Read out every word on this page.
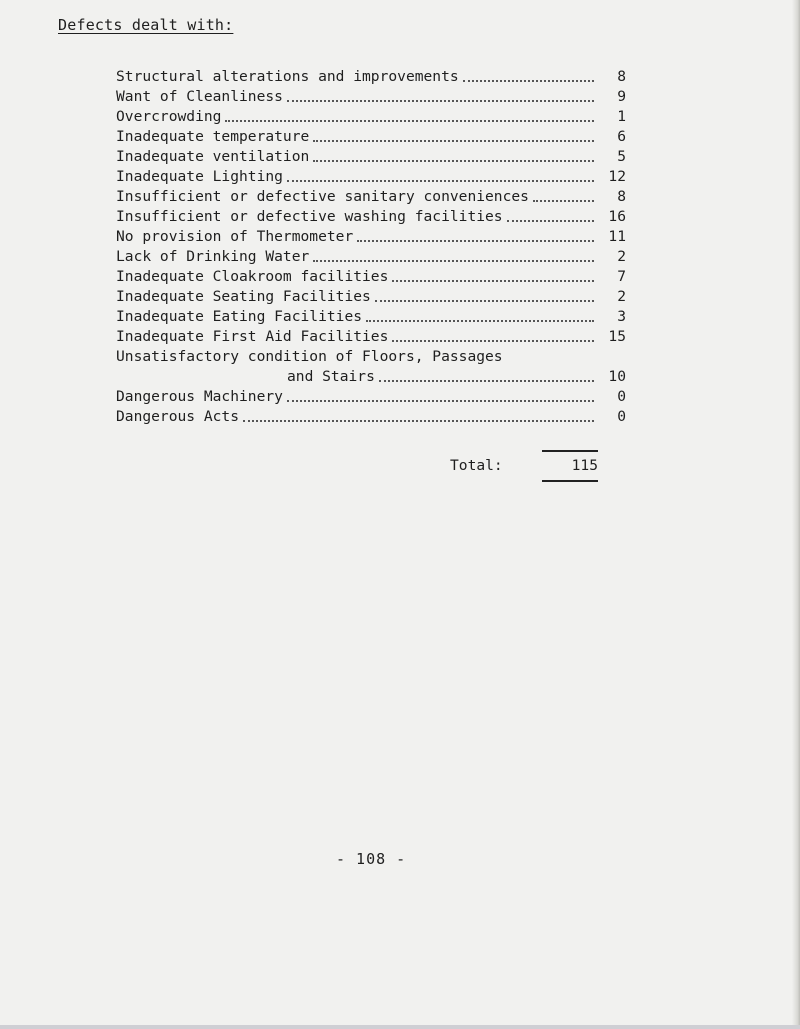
Defects dealt with:
Structural alterations and improvements	8
Want of Cleanliness	9
Overcrowding	1
Inadequate temperature	6
Inadequate ventilation	5
Inadequate Lighting	12
Insufficient or defective sanitary conveniences	8
Insufficient or defective washing facilities	16
No provision of Thermometer	11
Lack of Drinking Water	2
Inadequate Cloakroom facilities	7
Inadequate Seating Facilities	2
Inadequate Eating Facilities	3
Inadequate First Aid Facilities	15
Unsatisfactory condition of Floors, Passages
and Stairs	10
Dangerous Machinery	0
Dangerous Acts	0
Total:	115
- 108 -
